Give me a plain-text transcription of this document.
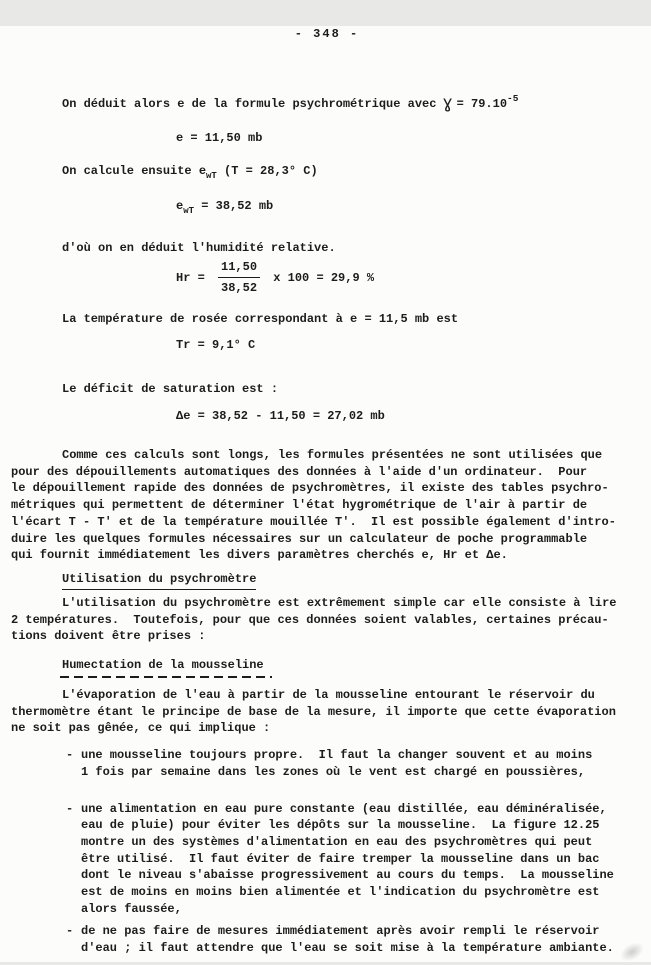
- 348 -
On déduit alors e de la formule psychrométrique avec ɣ = $79.10^{-5}$
e = 11,50 mb
On calcule ensuite $e_{wT}$ (T = 28,3° C)
$e_{wT} = 38,52$ mb
d'où on en déduit l'humidité relative.
$Hr = \frac{11,50}{38,52}$ x 100 = 29,9 %
La température de rosée correspondant à e = 11,5 mb est
Tr = 9,1° C
Le déficit de saturation est :
Δe = 38,52 - 11,50 = 27,02 mb
Comme ces calculs sont longs, les formules présentées ne sont utilisées que
pour des dépouillements automatiques des données à l'aide d'un ordinateur.  Pour
le dépouillement rapide des données de psychromètres, il existe des tables psychro-
métriques qui permettent de déterminer l'état hygrométrique de l'air à partir de
l'écart T - T' et de la température mouillée T'.  Il est possible également d'intro-
duire les quelques formules nécessaires sur un calculateur de poche programmable
qui fournit immédiatement les divers paramètres cherchés e, Hr et Δe.
Utilisation du psychromètre
L'utilisation du psychromètre est extrêmement simple car elle consiste à lire
2 températures.  Toutefois, pour que ces données soient valables, certaines précau-
tions doivent être prises :
Humectation de la mousseline
L'évaporation de l'eau à partir de la mousseline entourant le réservoir du
thermomètre étant le principe de base de la mesure, il importe que cette évaporation
ne soit pas gênée, ce qui implique :
- une mousseline toujours propre.  Il faut la changer souvent et au moins
1 fois par semaine dans les zones où le vent est chargé en poussières,
- une alimentation en eau pure constante (eau distillée, eau déminéralisée,
eau de pluie) pour éviter les dépôts sur la mousseline.  La figure 12.25
montre un des systèmes d'alimentation en eau des psychromètres qui peut
être utilisé.  Il faut éviter de faire tremper la mousseline dans un bac
dont le niveau s'abaisse progressivement au cours du temps.  La mousseline
est de moins en moins bien alimentée et l'indication du psychromètre est
alors faussée,
- de ne pas faire de mesures immédiatement après avoir rempli le réservoir
d'eau ; il faut attendre que l'eau se soit mise à la température ambiante.
